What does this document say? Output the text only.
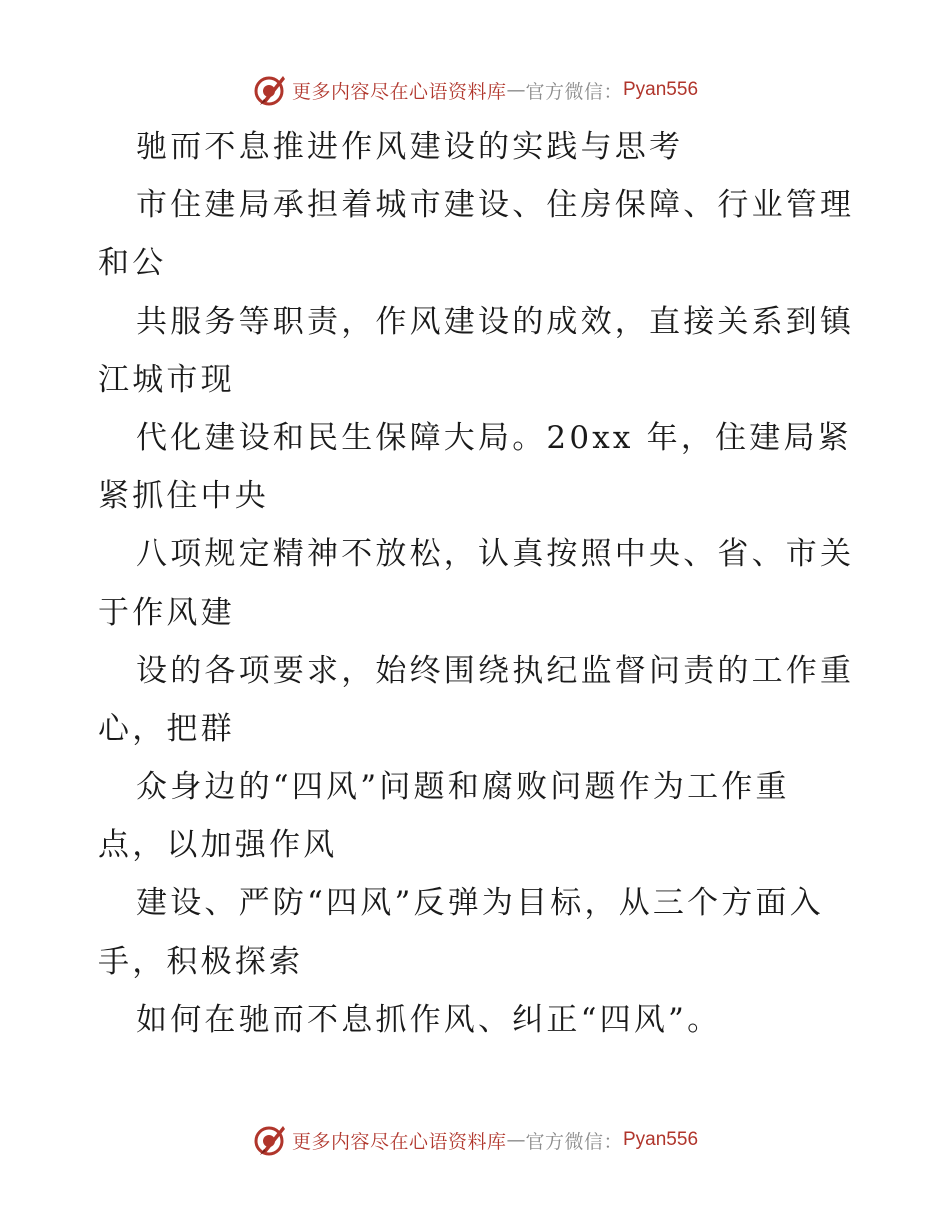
更多内容尽在心语资料库 — 官方微信： Pyan556
驰而不息推进作风建设的实践与思考
市住建局承担着城市建设、住房保障、行业管理
和公
共服务等职责，作风建设的成效，直接关系到镇
江城市现
代化建设和民生保障大局。20xx 年，住建局紧
紧抓住中央
八项规定精神不放松，认真按照中央、省、市关
于作风建
设的各项要求，始终围绕执纪监督问责的工作重
心，把群
众身边的“四风”问题和腐败问题作为工作重
点，以加强作风
建设、严防“四风”反弹为目标，从三个方面入
手，积极探索
如何在驰而不息抓作风、纠正“四风”。
更多内容尽在心语资料库 — 官方微信： Pyan556
